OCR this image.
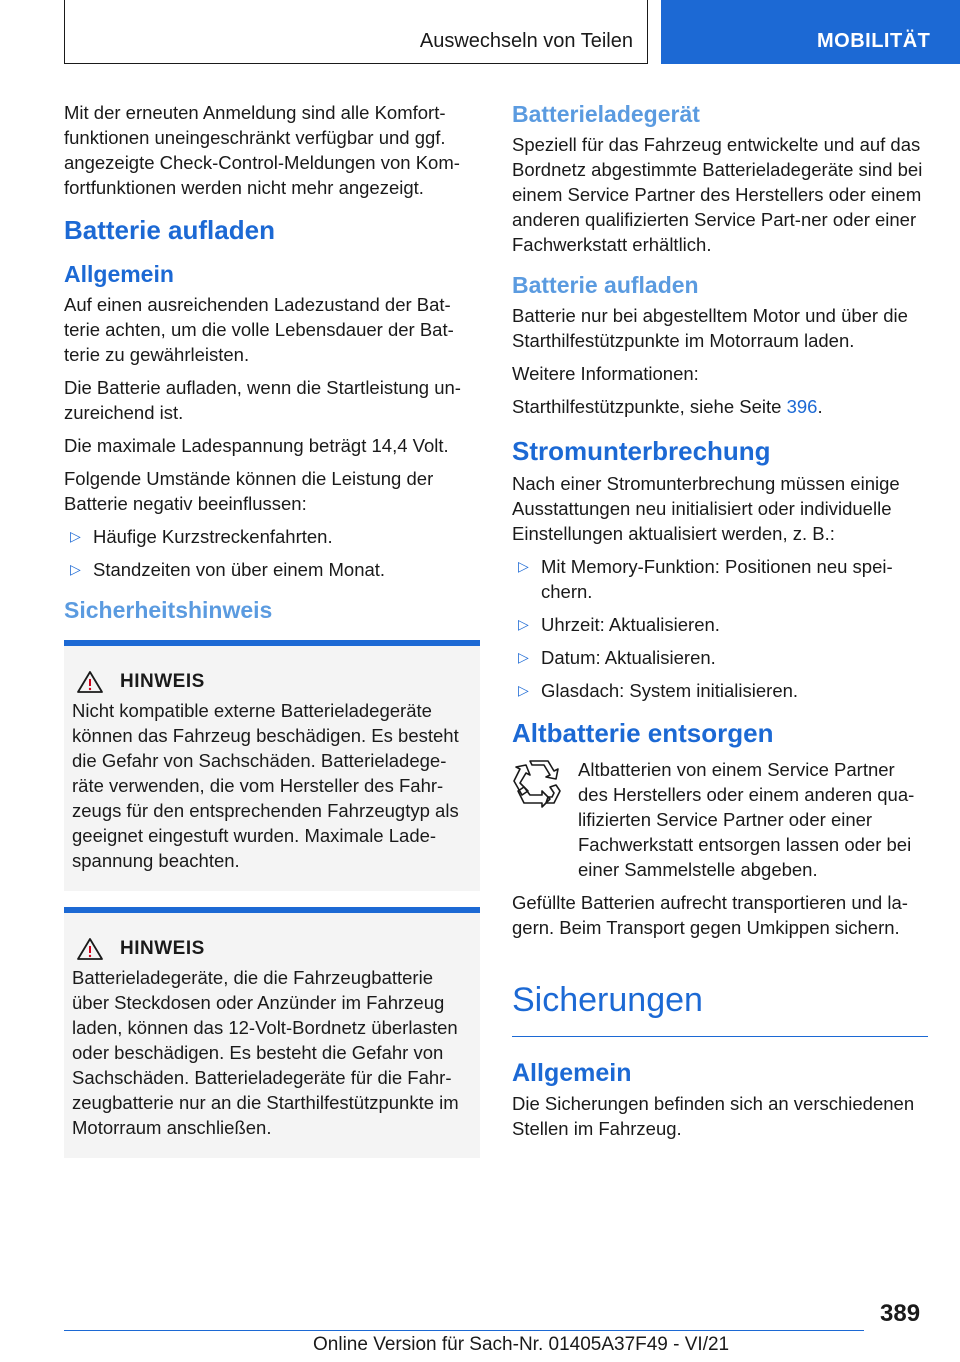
Auswechseln von Teilen	MOBILITÄT

Mit der erneuten Anmeldung sind alle Komfort-funktionen uneingeschränkt verfügbar und ggf. angezeigte Check-Control-Meldungen von Kom-fortfunktionen werden nicht mehr angezeigt.

Batterie aufladen
Allgemein

Auf einen ausreichenden Ladezustand der Bat-terie achten, um die volle Lebensdauer der Bat-terie zu gewährleisten.

Die Batterie aufladen, wenn die Startleistung un-zureichend ist.

Die maximale Ladespannung beträgt 14,4 Volt.

Folgende Umstände können die Leistung der Batterie negativ beeinflussen:

▷ Häufige Kurzstreckenfahrten.
▷ Standzeiten von über einem Monat.
Sicherheitshinweis
HINWEIS

Nicht kompatible externe Batterieladegeräte können das Fahrzeug beschädigen. Es besteht die Gefahr von Sachschäden. Batterieladege-räte verwenden, die vom Hersteller des Fahr-zeugs für den entsprechenden Fahrzeugtyp als geeignet eingestuft wurden. Maximale Lade-spannung beachten.

HINWEIS

Batterieladegeräte, die die Fahrzeugbatterie über Steckdosen oder Anzünder im Fahrzeug laden, können das 12-Volt-Bordnetz überlasten oder beschädigen. Es besteht die Gefahr von Sachschäden. Batterieladegeräte für die Fahr-zeugbatterie nur an die Starthilfestützpunkte im Motorraum anschließen.

Batterieladegerät

Speziell für das Fahrzeug entwickelte und auf das Bordnetz abgestimmte Batterieladegeräte sind bei einem Service Partner des Herstellers oder einem anderen qualifizierten Service Part-ner oder einer Fachwerkstatt erhältlich.

Batterie aufladen

Batterie nur bei abgestelltem Motor und über die Starthilfestützpunkte im Motorraum laden.

Weitere Informationen:

Starthilfestützpunkte, siehe Seite 396.

Stromunterbrechung

Nach einer Stromunterbrechung müssen einige Ausstattungen neu initialisiert oder individuelle Einstellungen aktualisiert werden, z. B.:

▷ Mit Memory-Funktion: Positionen neu spei-chern.
▷ Uhrzeit: Aktualisieren.
▷ Datum: Aktualisieren.
▷ Glasdach: System initialisieren.
Altbatterie entsorgen

Altbatterien von einem Service Partner des Herstellers oder einem anderen qua-lifizierten Service Partner oder einer Fachwerkstatt entsorgen lassen oder bei einer Sammelstelle abgeben.

Gefüllte Batterien aufrecht transportieren und la-gern. Beim Transport gegen Umkippen sichern.

Sicherungen
Allgemein

Die Sicherungen befinden sich an verschiedenen Stellen im Fahrzeug.

389
Online Version für Sach-Nr. 01405A37F49 - VI/21
